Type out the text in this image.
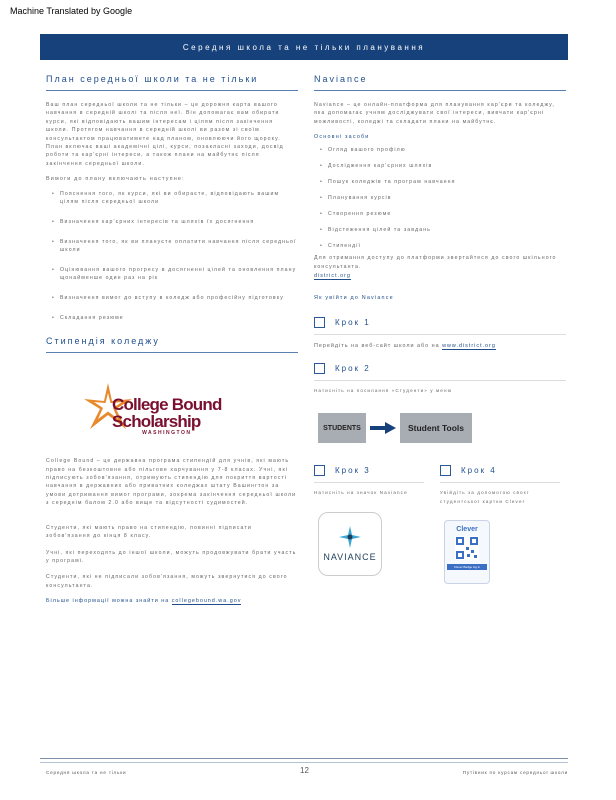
Machine Translated by Google
Середня школа та не тільки планування
План середньої школи та не тільки

Ваш план середньої школи та не тільки – це дорожня карта вашого навчання в середній школі та після неї. Він допомагає вам обирати курси, які відповідають вашим інтересам і цілям після закінчення школи. Протягом навчання в середній школі ви разом зі своїм консультантом працюватимете над планом, оновлюючи його щороку. План включає ваші академічні цілі, курси, позакласні заходи, досвід роботи та кар'єрні інтереси, а також плани на майбутнє після закінчення середньої школи.

Вимоги до плану включають наступне:

• Пояснення того, як курси, які ви обираєте, відповідають вашим цілям після середньої школи
• Визначення кар'єрних інтересів та шляхів їх досягнення
• Визначення того, як ви плануєте оплатити навчання після середньої школи
• Оцінювання вашого прогресу в досягненні цілей та оновлення плану щонайменше один раз на рік
• Визначення вимог до вступу в коледж або професійну підготовку
• Складання резюме
Стипендія коледжу
College Bound
Scholarship
WASHINGTON

College Bound – це державна програма стипендій для учнів, які мають право на безкоштовне або пільгове харчування у 7-8 класах. Учні, які підписують зобов'язання, отримують стипендію для покриття вартості навчання в державних або приватних коледжах штату Вашингтон за умови дотримання вимог програми, зокрема закінчення середньої школи з середнім балом 2.0 або вище та відсутності судимостей.

Студенти, які мають право на стипендію, повинні підписати зобов'язання до кінця 8 класу.

Учні, які переходять до іншої школи, можуть продовжувати брати участь у програмі.

Студенти, які не підписали зобов'язання, можуть звернутися до свого консультанта.

Більше інформації можна знайти на collegebound.wa.gov

Naviance

Naviance – це онлайн-платформа для планування кар'єри та коледжу, яка допомагає учням досліджувати свої інтереси, вивчати кар'єрні можливості, коледжі та складати плани на майбутнє.

Основні засоби

• Огляд вашого профілю
• Дослідження кар'єрних шляхів
• Пошук коледжів та програм навчання
• Планування курсів
• Створення резюме
• Відстеження цілей та завдань
• Стипендії

Для отримання доступу до платформи звертайтеся до свого шкільного консультанта.

district.org

Як увійти до Naviance

Крок 1

Перейдіть на веб-сайт школи або на www.district.org

Крок 2

Натисніть на посилання «Студенти» у меню

STUDENTS	Student Tools
Крок 3

Натисніть на значок Naviance

NAVIANCE
Крок 4

Увійдіть за допомогою своєї студентської картки Clever

Clever
Clever Badge log in
Середня школа та не тільки	12	Путівник по курсам середньої школи
